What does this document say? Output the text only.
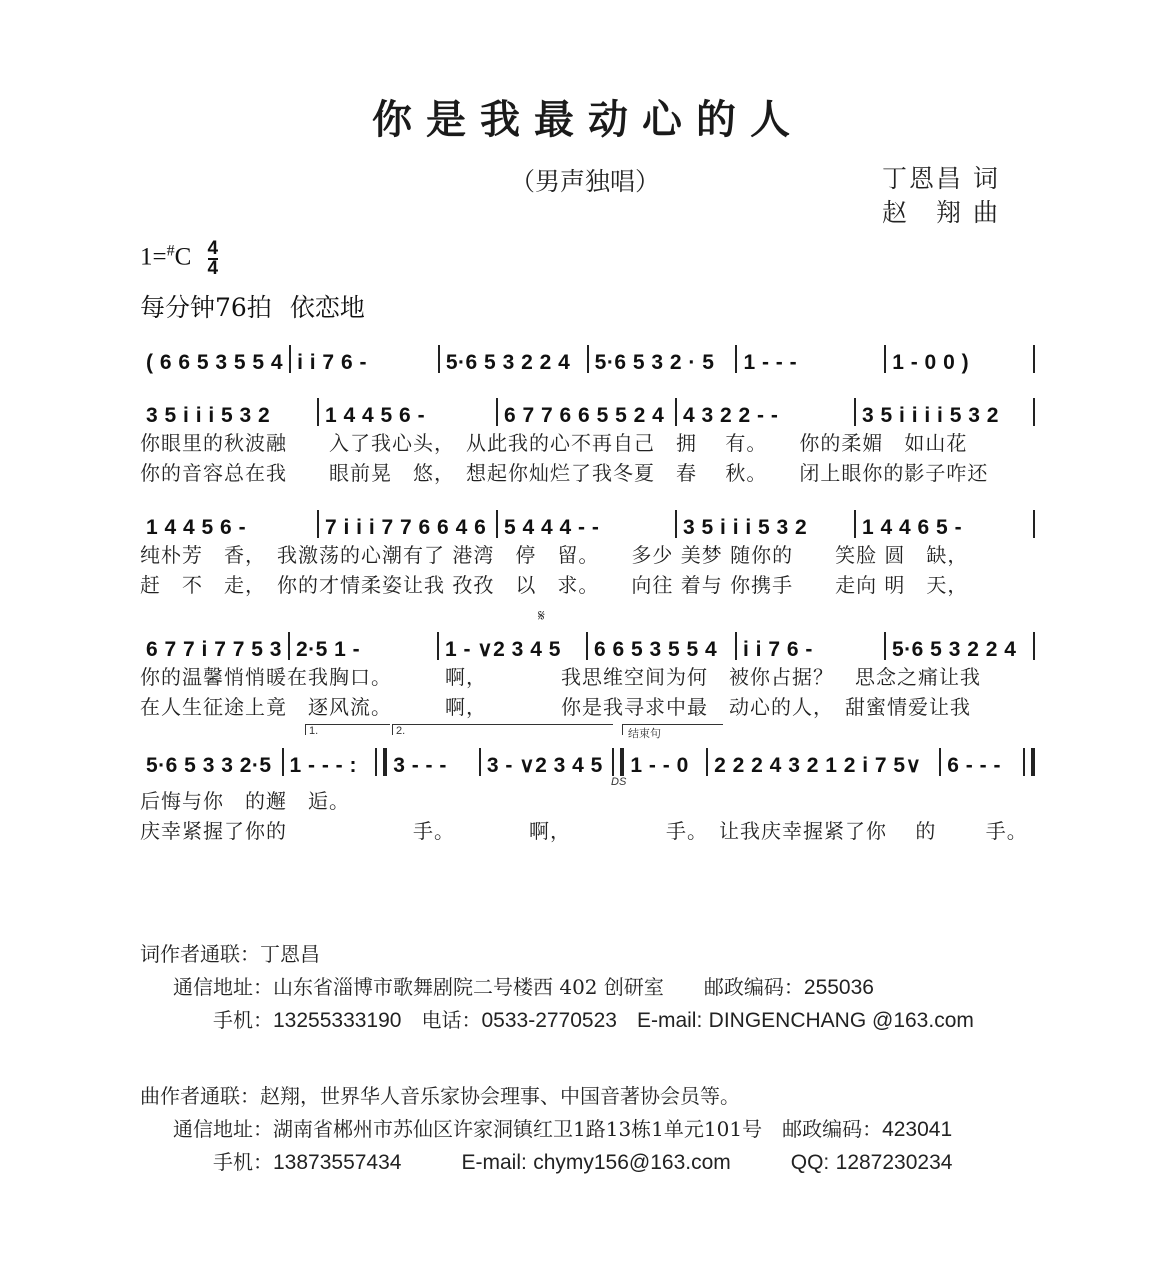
你是我最动心的人
（男声独唱）	丁恩昌 词
赵　翔 曲
$1=^{\#}C \frac{4}{4}$
每分钟76拍 依恋地
( 6 6 5 3 5 5 4 i i 7 6 -	5·6 5 3 2 2 4	5·6 5 3 2 · 5	1 - - -	1 - 0 0 )
3 5 i i i 5 3 2	1 4 4 5 6 -	6 7 7 6 6 5 5 2 4 4 3 2 2 - -	3 5 i i i i 5 3 2
你眼里的秋波融　　入了我心头，　从此我的心不再自己　拥　 有。　　你的柔媚　如山花
你的音容总在我　　眼前晃　悠，　想起你灿烂了我冬夏　春　 秋。　　闭上眼你的影子咋还
1 4 4 5 6 -	7 i i i 7 7 6 6 4 6 5 4 4 4 - -	3 5 i i i 5 3 2	1 4 4 6 5 -
纯朴芳　香，　我激荡的心潮有了 港湾　停　留。　　多少 美梦 随你的　　笑脸 圆　缺，
赶　不　走，　你的才情柔姿让我 孜孜　以　求。　　向往 着与 你携手　　走向 明　天，
𝄋
6 7 7 i 7 7 5 3 2·5 1 -	1 - ∨2 3 4 5	6 6 5 3 5 5 4	i i 7 6 -	5·6 5 3 2 2 4
你的温馨悄悄暖在我胸口。　　　啊，　　　　我思维空间为何　被你占据？　思念之痛让我
在人生征途上竟　逐风流。　　　啊，　　　　你是我寻求中最　动心的人，　甜蜜情爱让我
1.	2.	结束句
DS
5·6 5 3 3 2·5 1 - - - :	3 - - -	3 - ∨2 3 4 5	1 - - 0	2 2 2 4 3 2 1 2 i 7 5∨	6 - - -
后悔与你　的邂　逅。
庆幸紧握了你的　　　　　　手。　　　　啊，　　　　　手。　让我庆幸握紧了你　 的　　 手。
词作者通联：丁恩昌
通信地址：山东省淄博市歌舞剧院二号楼西 402 创研室　　 邮政编码：255036
手机：13255333190　 电话：0533-2770523　 E-mail: DINGENCHANG @163.com
曲作者通联：赵翔，世界华人音乐家协会理事、中国音著协会员等。
通信地址：湖南省郴州市苏仙区许家洞镇红卫1路13栋1单元101号　 邮政编码：423041
手机：13873557434　　　	E-mail: chymy156@163.com　　　	QQ: 1287230234
